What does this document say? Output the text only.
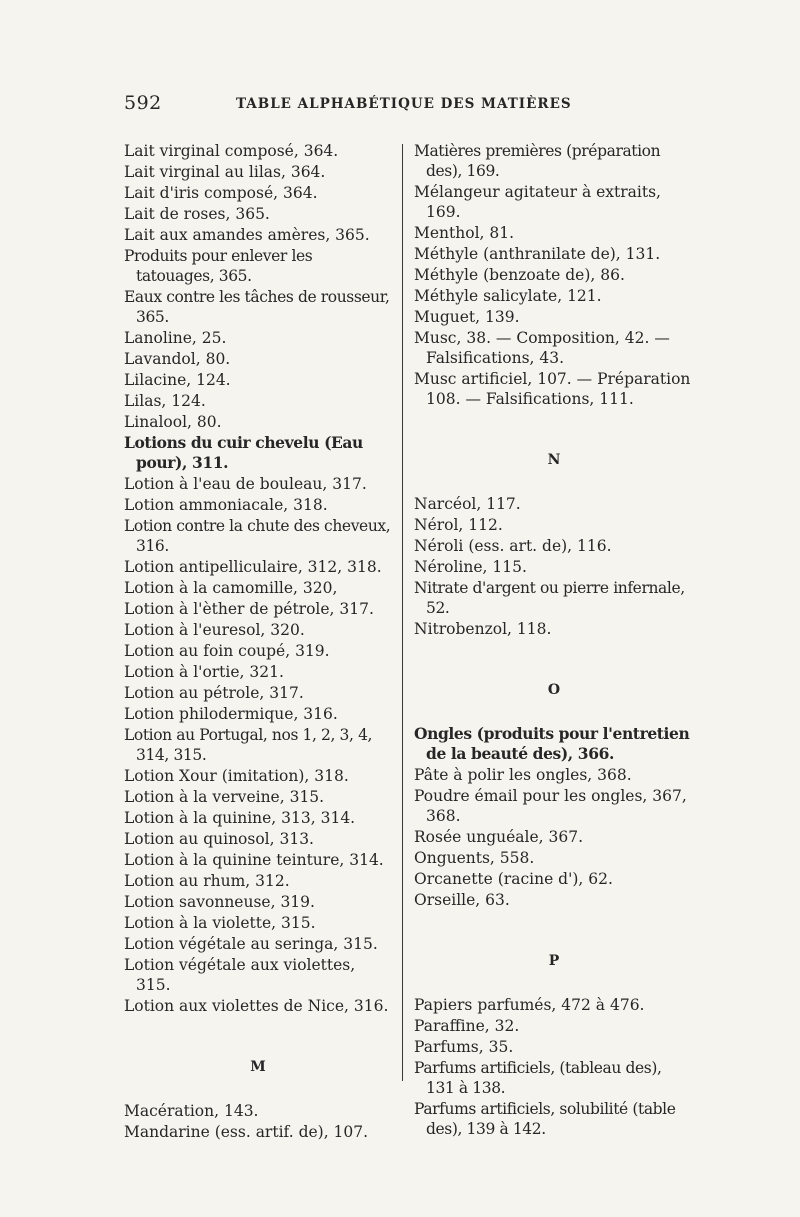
592	TABLE ALPHABÉTIQUE DES MATIÈRES
Lait virginal composé, 364.
Lait virginal au lilas, 364.
Lait d'iris composé, 364.
Lait de roses, 365.
Lait aux amandes amères, 365.
Produits pour enlever les tatouages, 365.
Eaux contre les tâches de rousseur, 365.
Lanoline, 25.
Lavandol, 80.
Lilacine, 124.
Lilas, 124.
Linalool, 80.
Lotions du cuir chevelu (Eau pour), 311.
Lotion à l'eau de bouleau, 317.
Lotion ammoniacale, 318.
Lotion contre la chute des cheveux, 316.
Lotion antipelliculaire, 312, 318.
Lotion à la camomille, 320,
Lotion à l'èther de pétrole, 317.
Lotion à l'euresol, 320.
Lotion au foin coupé, 319.
Lotion à l'ortie, 321.
Lotion au pétrole, 317.
Lotion philodermique, 316.
Lotion au Portugal, nos 1, 2, 3, 4, 314, 315.
Lotion Xour (imitation), 318.
Lotion à la verveine, 315.
Lotion à la quinine, 313, 314.
Lotion au quinosol, 313.
Lotion à la quinine teinture, 314.
Lotion au rhum, 312.
Lotion savonneuse, 319.
Lotion à la violette, 315.
Lotion végétale au seringa, 315.
Lotion végétale aux violettes, 315.
Lotion aux violettes de Nice, 316.
M
Macération, 143.
Mandarine (ess. artif. de), 107.
Matières premières (préparation des), 169.
Mélangeur agitateur à extraits, 169.
Menthol, 81.
Méthyle (anthranilate de), 131.
Méthyle (benzoate de), 86.
Méthyle salicylate, 121.
Muguet, 139.
Musc, 38. — Composition, 42. — Falsifications, 43.
Musc artificiel, 107. — Préparation 108. — Falsifications, 111.
N
Narcéol, 117.
Nérol, 112.
Néroli (ess. art. de), 116.
Néroline, 115.
Nitrate d'argent ou pierre infernale, 52.
Nitrobenzol, 118.
O
Ongles (produits pour l'entretien de la beauté des), 366.
Pâte à polir les ongles, 368.
Poudre émail pour les ongles, 367, 368.
Rosée unguéale, 367.
Onguents, 558.
Orcanette (racine d'), 62.
Orseille, 63.
P
Papiers parfumés, 472 à 476.
Paraffine, 32.
Parfums, 35.
Parfums artificiels, (tableau des), 131 à 138.
Parfums artificiels, solubilité (table des), 139 à 142.
